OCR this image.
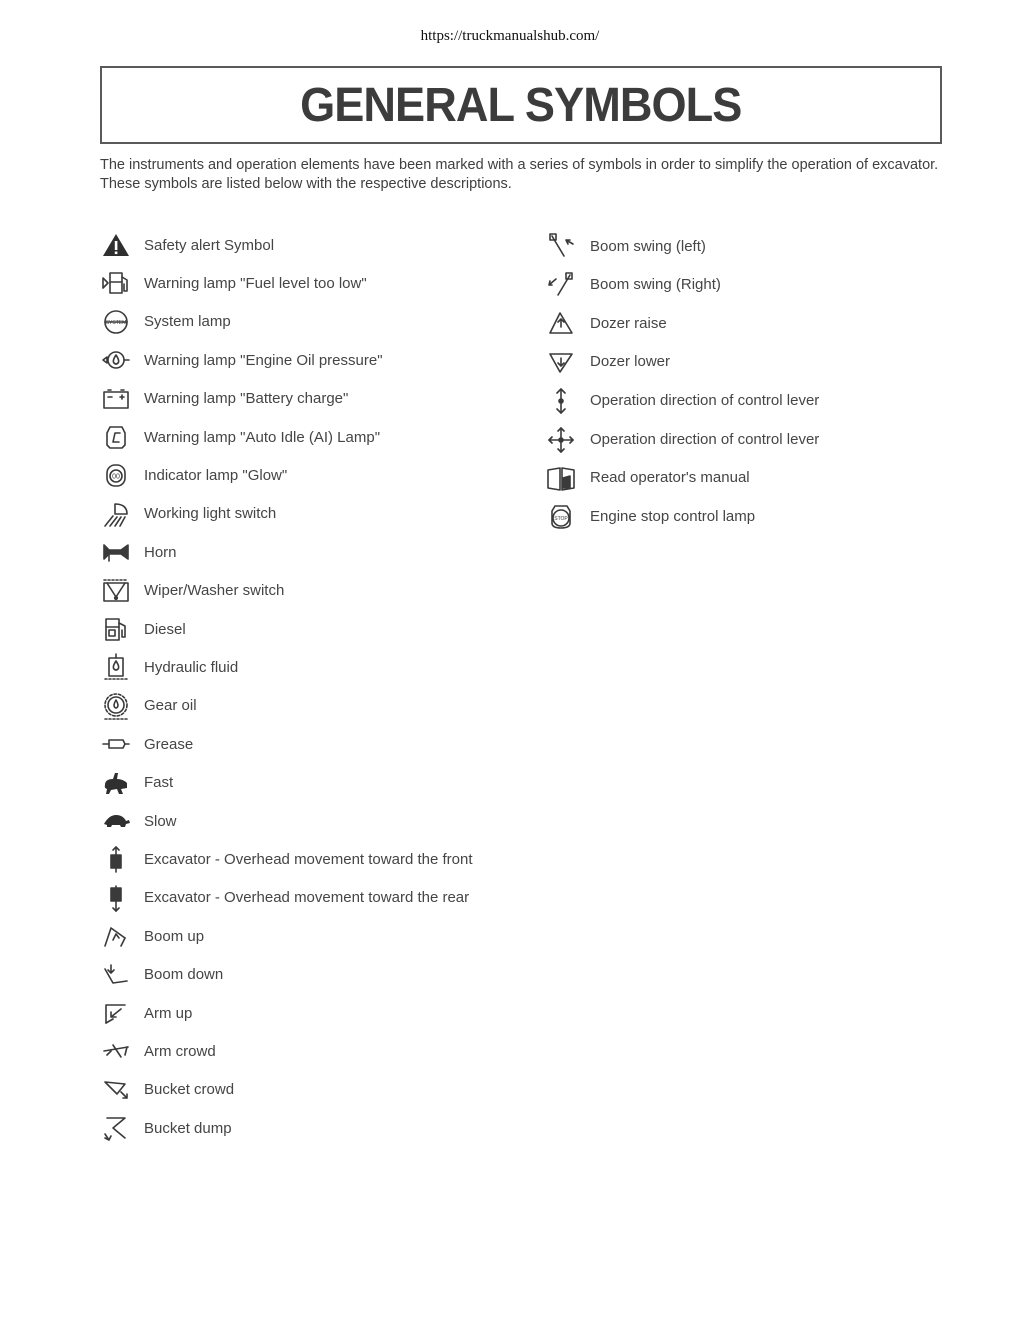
https://truckmanualshub.com/
GENERAL SYMBOLS
The instruments and operation elements have been marked with a series of symbols in order to simplify the operation of excavator. These symbols are listed below with the respective descriptions.
Safety alert Symbol
Warning lamp "Fuel level too low"
SYSTEM System lamp
Warning lamp "Engine Oil pressure"
Warning lamp "Battery charge"
Warning lamp "Auto Idle (AI) Lamp"
00 Indicator lamp "Glow"
Working light switch
Horn
Wiper/Washer switch
Diesel
Hydraulic fluid
Gear oil
Grease
Fast
Slow
Excavator - Overhead movement toward the front
Excavator - Overhead movement toward the rear
Boom up
Boom down
Arm up
Arm crowd
Bucket crowd
Bucket dump
Boom swing (left)
Boom swing (Right)
Dozer raise
Dozer lower
Operation direction of control lever
Operation direction of control lever
Read operator's manual
STOP Engine stop control lamp
